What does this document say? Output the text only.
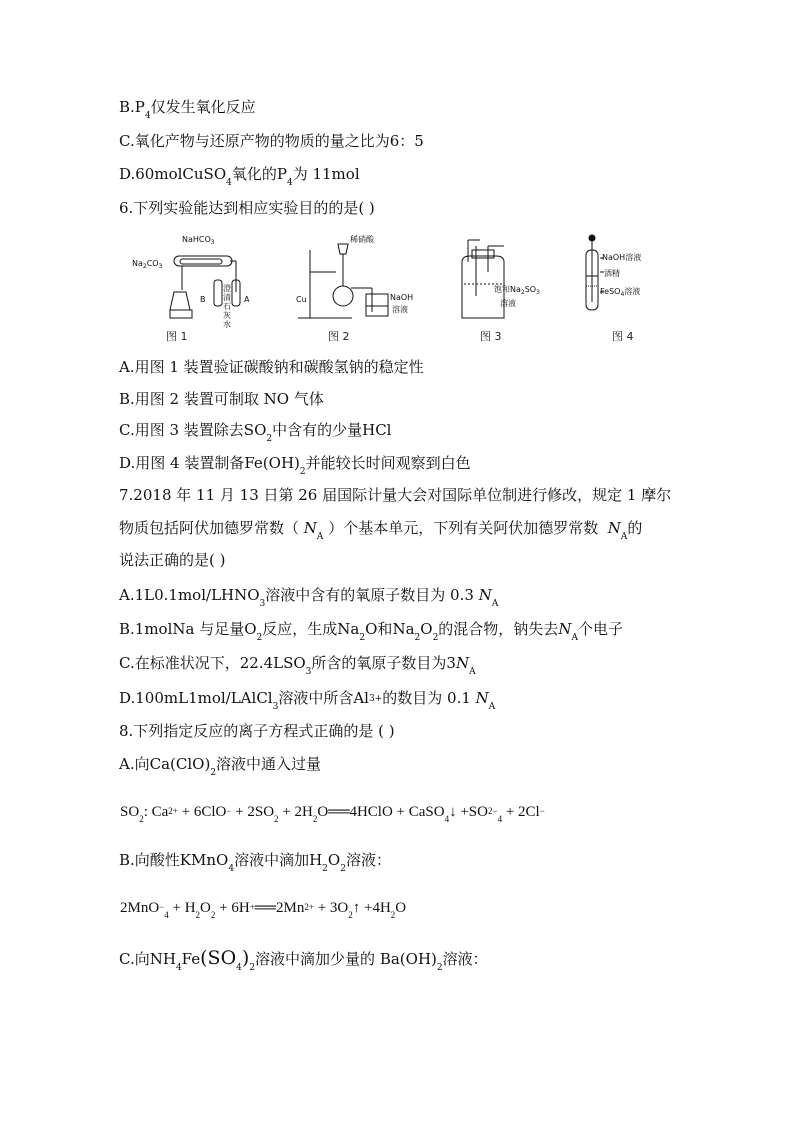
$B.P_4$仅发生氧化反应
C.氧化产物与还原产物的物质的量之比为6：5
D.60molCuSO$_4$氧化的$P_4$为 11mol
6.下列实验能达到相应实验目的的是( )
NaHCO$_3$
$Na_2CO_3$
B	A
图 1
澄
清
石
灰
水
稀硝酸
Cu	NaOH
溶液
图 2
饱和$Na_2SO_3$
溶液
图 3
NaOH溶液
酒精
FeSO$_4$溶液
图 4
A.用图 1 装置验证碳酸钠和碳酸氢钠的稳定性
B.用图 2 装置可制取 NO 气体
C.用图 3 装置除去$SO_2$中含有的少量HCl
D.用图 4 装置制备$Fe(OH)_2$并能较长时间观察到白色
7.2018 年 11 月 13 日第 26 届国际计量大会对国际单位制进行修改，规定 1 摩尔
物质包括阿伏加德罗常数（ $N_A$ ）个基本单元，下列有关阿伏加德罗常数 $N_A$的
说法正确的是( )
$A.1L0.1mol/LHNO_3$溶液中含有的氧原子数目为 0.3 $N_A$
B.1molNa 与足量$O_2$反应，生成$Na_2O$和$Na_2O_2$的混合物，钠失去$N_A$个电子
C.在标准状况下，$22.4LSO_3$所含的氧原子数目为$3N_A$
D.100mL1mol/LAlCl$_3$溶液中所含Al3+的数目为 0.1 $N_A$
8.下列指定反应的离子方程式正确的是 ( )
A.向$Ca(ClO)_2$溶液中通入过量
$SO_2$: $Ca2+ + 6ClO- + 2SO_2$ + $2H_2O══4HClO$ + CaSO$_4$↓ $+SO2-_4 + 2Cl-$
B.向酸性KMnO$_4$溶液中滴加$H_2O_2$溶液：
$2MnO-_4 + H_2O_2$ + 6H+══2Mn2+ + $3O_2↑ +4H_2O$
C.向$NH_4Fe(SO_4)_2$溶液中滴加少量的 $Ba(OH)_2$溶液：
